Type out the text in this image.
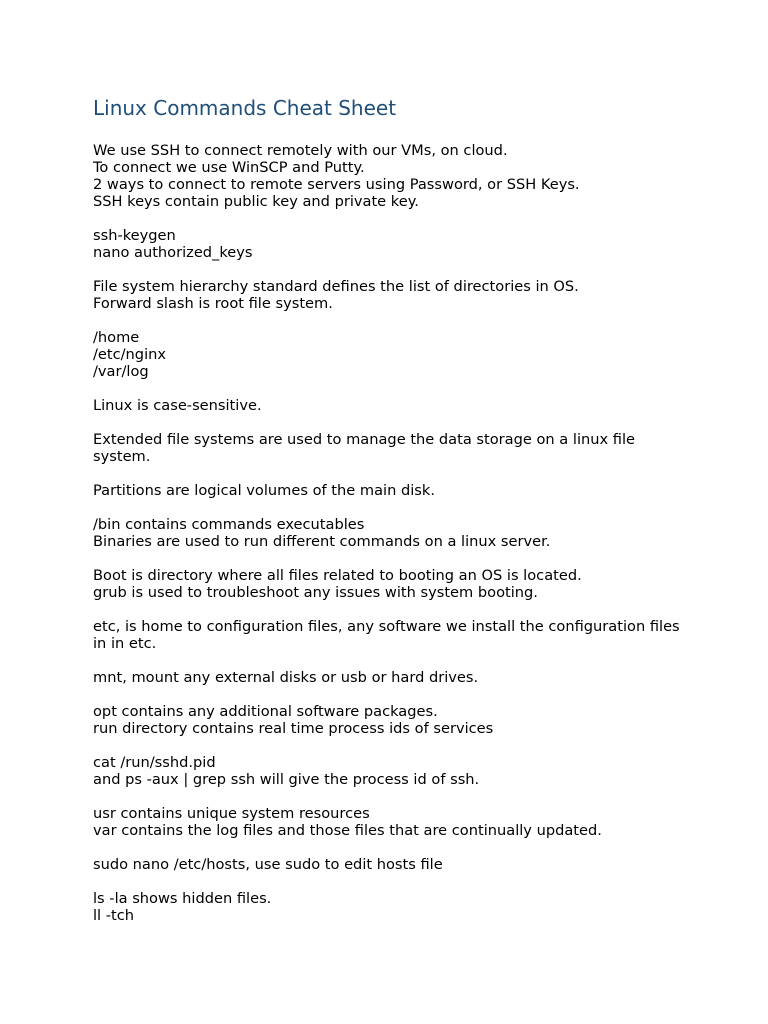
Linux Commands Cheat Sheet

We use SSH to connect remotely with our VMs, on cloud.
To connect we use WinSCP and Putty.
2 ways to connect to remote servers using Password, or SSH Keys.
SSH keys contain public key and private key.

ssh-keygen
nano authorized_keys

File system hierarchy standard defines the list of directories in OS.
Forward slash is root file system.

/home
/etc/nginx
/var/log

Linux is case-sensitive.

Extended file systems are used to manage the data storage on a linux file system.

Partitions are logical volumes of the main disk.

/bin contains commands executables
Binaries are used to run different commands on a linux server.

Boot is directory where all files related to booting an OS is located.
grub is used to troubleshoot any issues with system booting.

etc, is home to configuration files, any software we install the configuration files in in etc.

mnt, mount any external disks or usb or hard drives.

opt contains any additional software packages.
run directory contains real time process ids of services

cat /run/sshd.pid
and ps -aux | grep ssh will give the process id of ssh.

usr contains unique system resources
var contains the log files and those files that are continually updated.

sudo nano /etc/hosts, use sudo to edit hosts file

ls -la shows hidden files.
ll -tch
